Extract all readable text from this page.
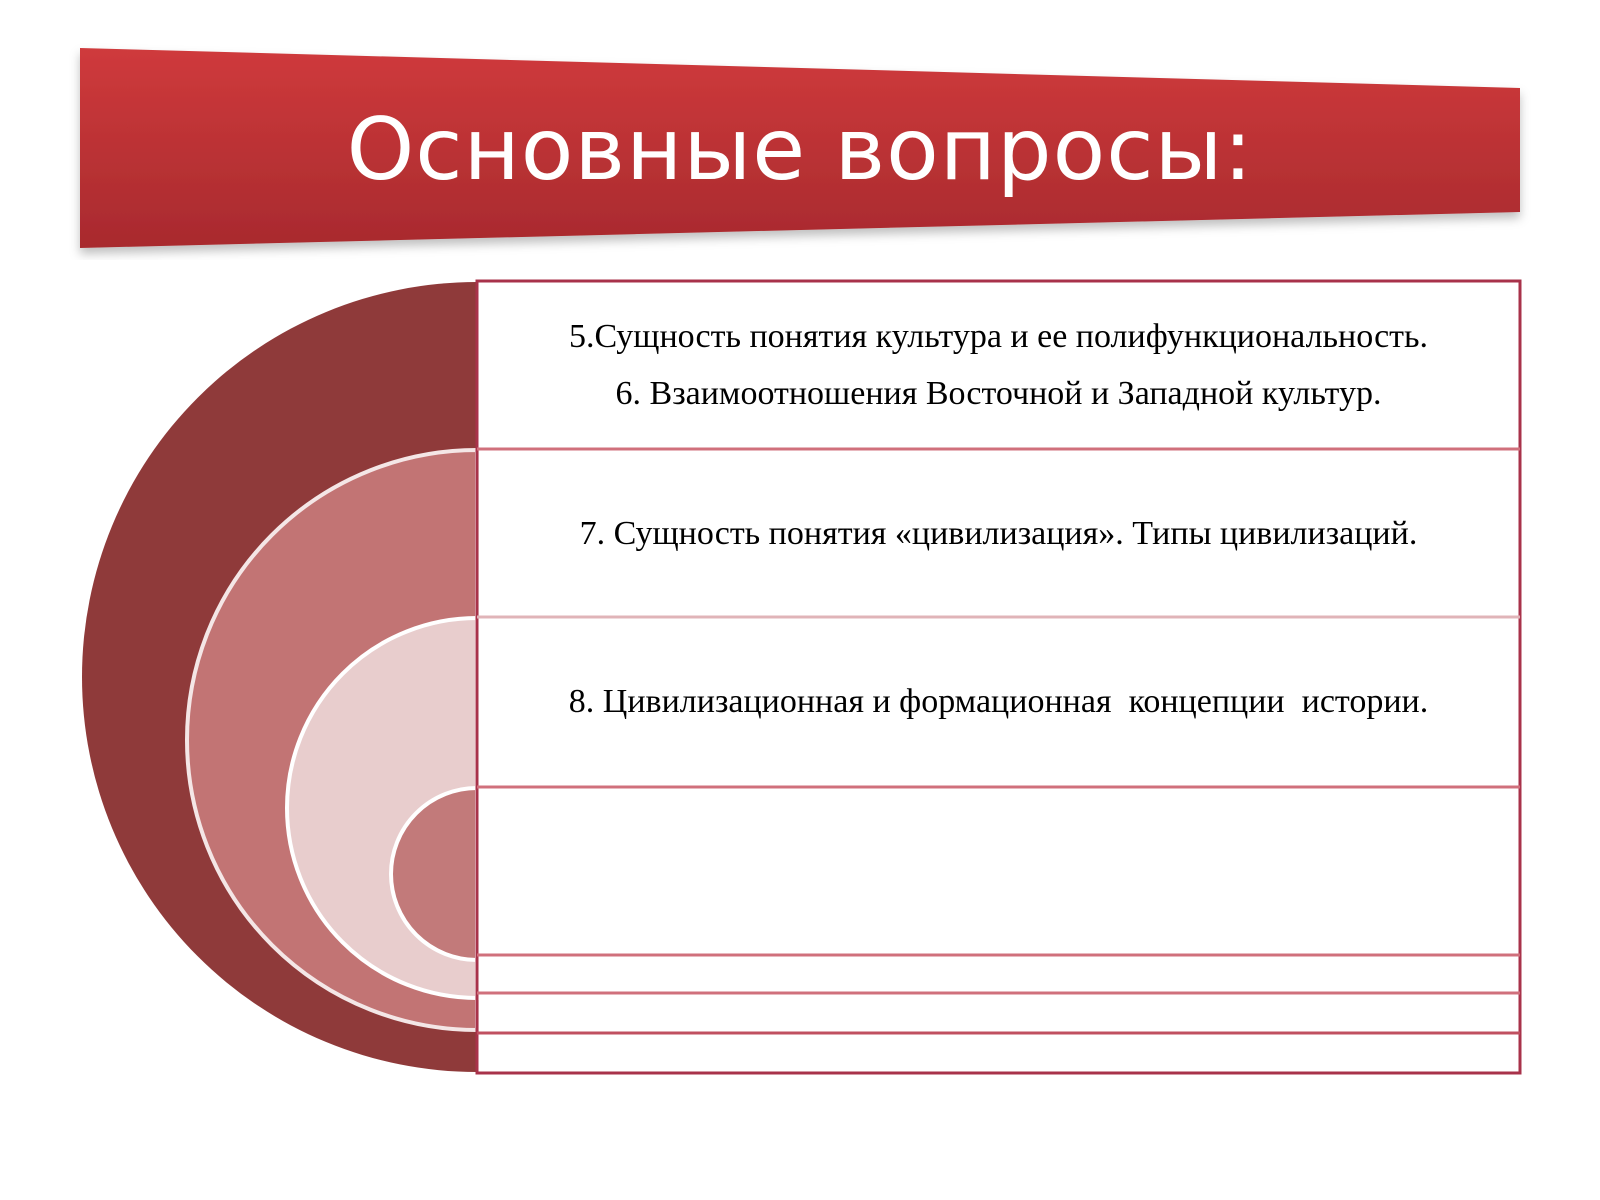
Основные вопросы:
5.Сущность понятия культура и ее полифункциональность.
6. Взаимоотношения Восточной и Западной культур.
7. Сущность понятия «цивилизация». Типы цивилизаций.
8. Цивилизационная и формационная  концепции  истории.
